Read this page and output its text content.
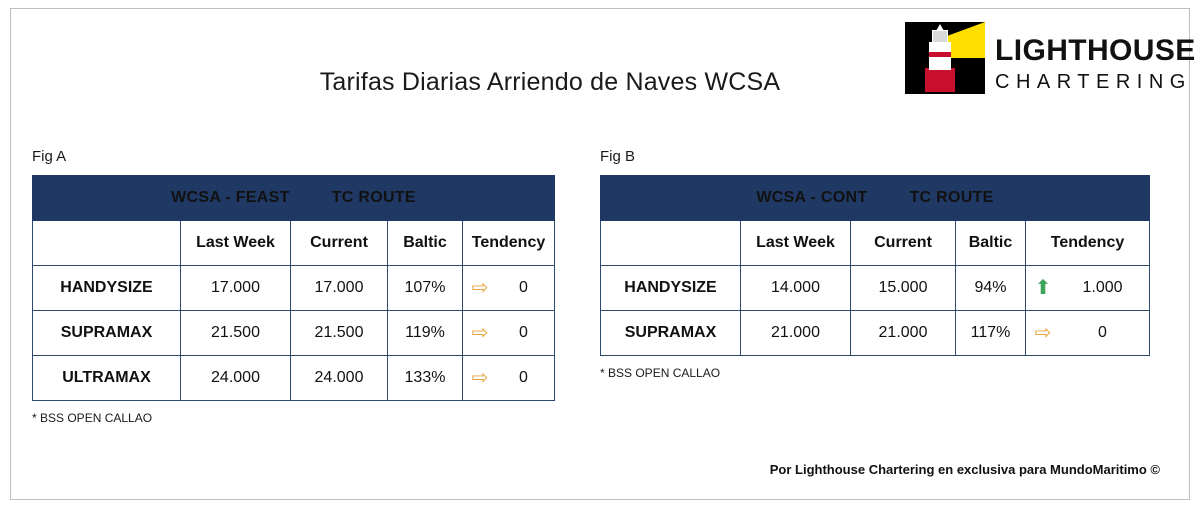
Tarifas Diarias Arriendo de Naves WCSA
LIGHTHOUSE
CHARTERING
Fig A
WCSA - FEAST TC ROUTE				

	Last Week	Current	Baltic	Tendency
HANDYSIZE	17.000	17.000	107%	⇨ 0

SUPRAMAX	21.500	21.500	119%	⇨ 0

ULTRAMAX	24.000	24.000	133%	⇨ 0
* BSS OPEN CALLAO
Fig B
WCSA - CONT TC ROUTE				

	Last Week	Current	Baltic	Tendency
HANDYSIZE	14.000	15.000	94%	⬆ 1.000

SUPRAMAX	21.000	21.000	117%	⇨ 0
* BSS OPEN CALLAO
Por Lighthouse Chartering en exclusiva para MundoMaritimo ©
